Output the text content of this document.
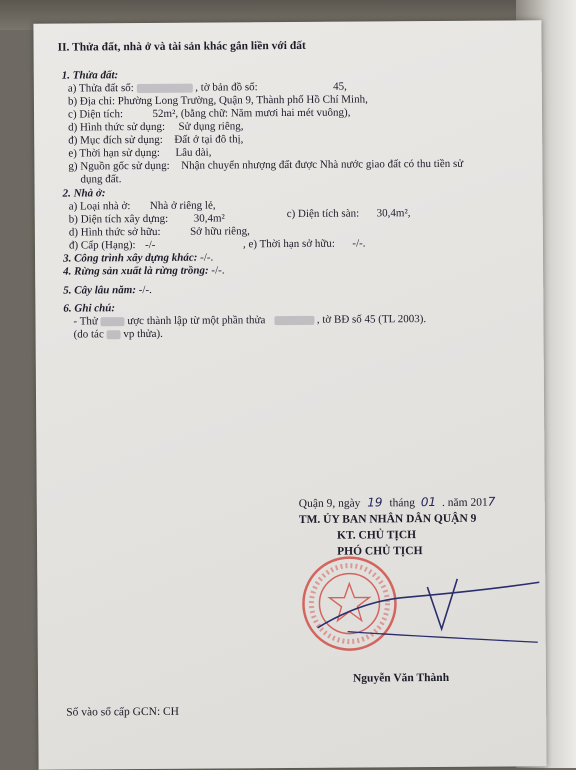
II. Thửa đất, nhà ở và tài sản khác gắn liền với đất
1. Thửa đất:
a) Thửa đất số:	, tờ bản đồ số:	45,
b) Địa chỉ: Phường Long Trường, Quận 9, Thành phố Hồ Chí Minh,
c) Diện tích:	52m², (bằng chữ: Năm mươi hai mét vuông),
d) Hình thức sử dụng: Sử dụng riêng,
đ) Mục đích sử dụng: Đất ở tại đô thị,
e) Thời hạn sử dụng: Lâu dài,
g) Nguồn gốc sử dụng: Nhận chuyển nhượng đất được Nhà nước giao đất có thu tiền sử
dụng đất.
2. Nhà ở:
a) Loại nhà ở: Nhà ở riêng lẻ,
b) Diện tích xây dựng: 30,4m²	c) Diện tích sàn: 30,4m²,
d) Hình thức sở hữu:	Sở hữu riêng,
đ) Cấp (Hạng): -/-	, e) Thời hạn sở hữu: -/-.
3. Công trình xây dựng khác: -/-.
4. Rừng sản xuất là rừng trồng: -/-.
5. Cây lâu năm: -/-.
6. Ghi chú:
- Thử	ược thành lập từ một phần thửa	, tờ BĐ số 45 (TL 2003).
(do tác vp thửa).
Quận 9, ngày 19 tháng 01 . năm 2017
TM. ỦY BAN NHÂN DÂN QUẬN 9
KT. CHỦ TỊCH
PHÓ CHỦ TỊCH
Nguyễn Văn Thành
Số vào sổ cấp GCN: CH
